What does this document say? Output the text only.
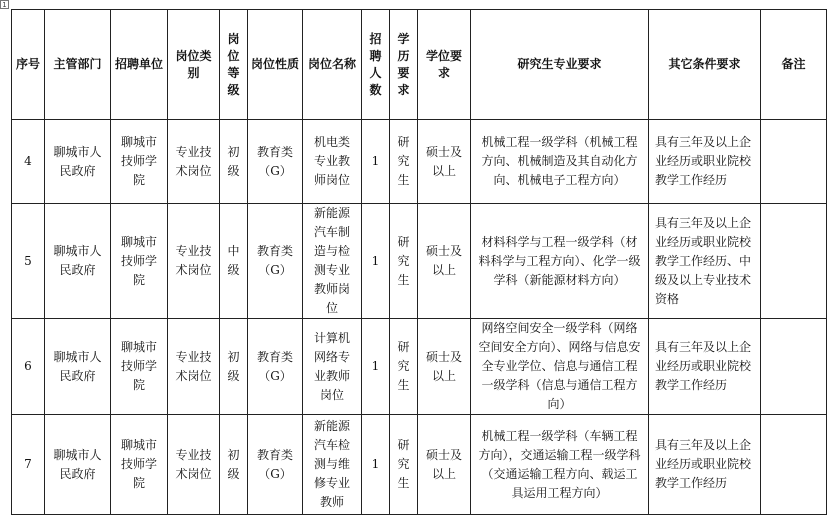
1
序号	主管部门	招聘单位	岗位类别	岗位等级	岗位性质	岗位名称	招聘人数	学历要求	学位要求	研究生专业要求	其它条件要求	备注

4	聊城市人民政府	聊城市技师学院	专业技术岗位	初级	教育类（G）	机电类专业教师岗位	1	研究生	硕士及以上	机械工程一级学科（机械工程方向、机械制造及其自动化方向、机械电子工程方向）	具有三年及以上企业经历或职业院校教学工作经历	

5	聊城市人民政府	聊城市技师学院	专业技术岗位	中级	教育类（G）	新能源汽车制造与检测专业教师岗位	1	研究生	硕士及以上	材料科学与工程一级学科（材料科学与工程方向）、化学一级学科（新能源材料方向）	具有三年及以上企业经历或职业院校教学工作经历、中级及以上专业技术资格	

6	聊城市人民政府	聊城市技师学院	专业技术岗位	初级	教育类（G）	计算机网络专业教师岗位	1	研究生	硕士及以上	网络空间安全一级学科（网络空间安全方向）、网络与信息安全专业学位、信息与通信工程一级学科（信息与通信工程方向）	具有三年及以上企业经历或职业院校教学工作经历	

7	聊城市人民政府	聊城市技师学院	专业技术岗位	初级	教育类（G）	新能源汽车检测与维修专业教师	1	研究生	硕士及以上	机械工程一级学科（车辆工程方向），交通运输工程一级学科（交通运输工程方向、载运工具运用工程方向）	具有三年及以上企业经历或职业院校教学工作经历	
